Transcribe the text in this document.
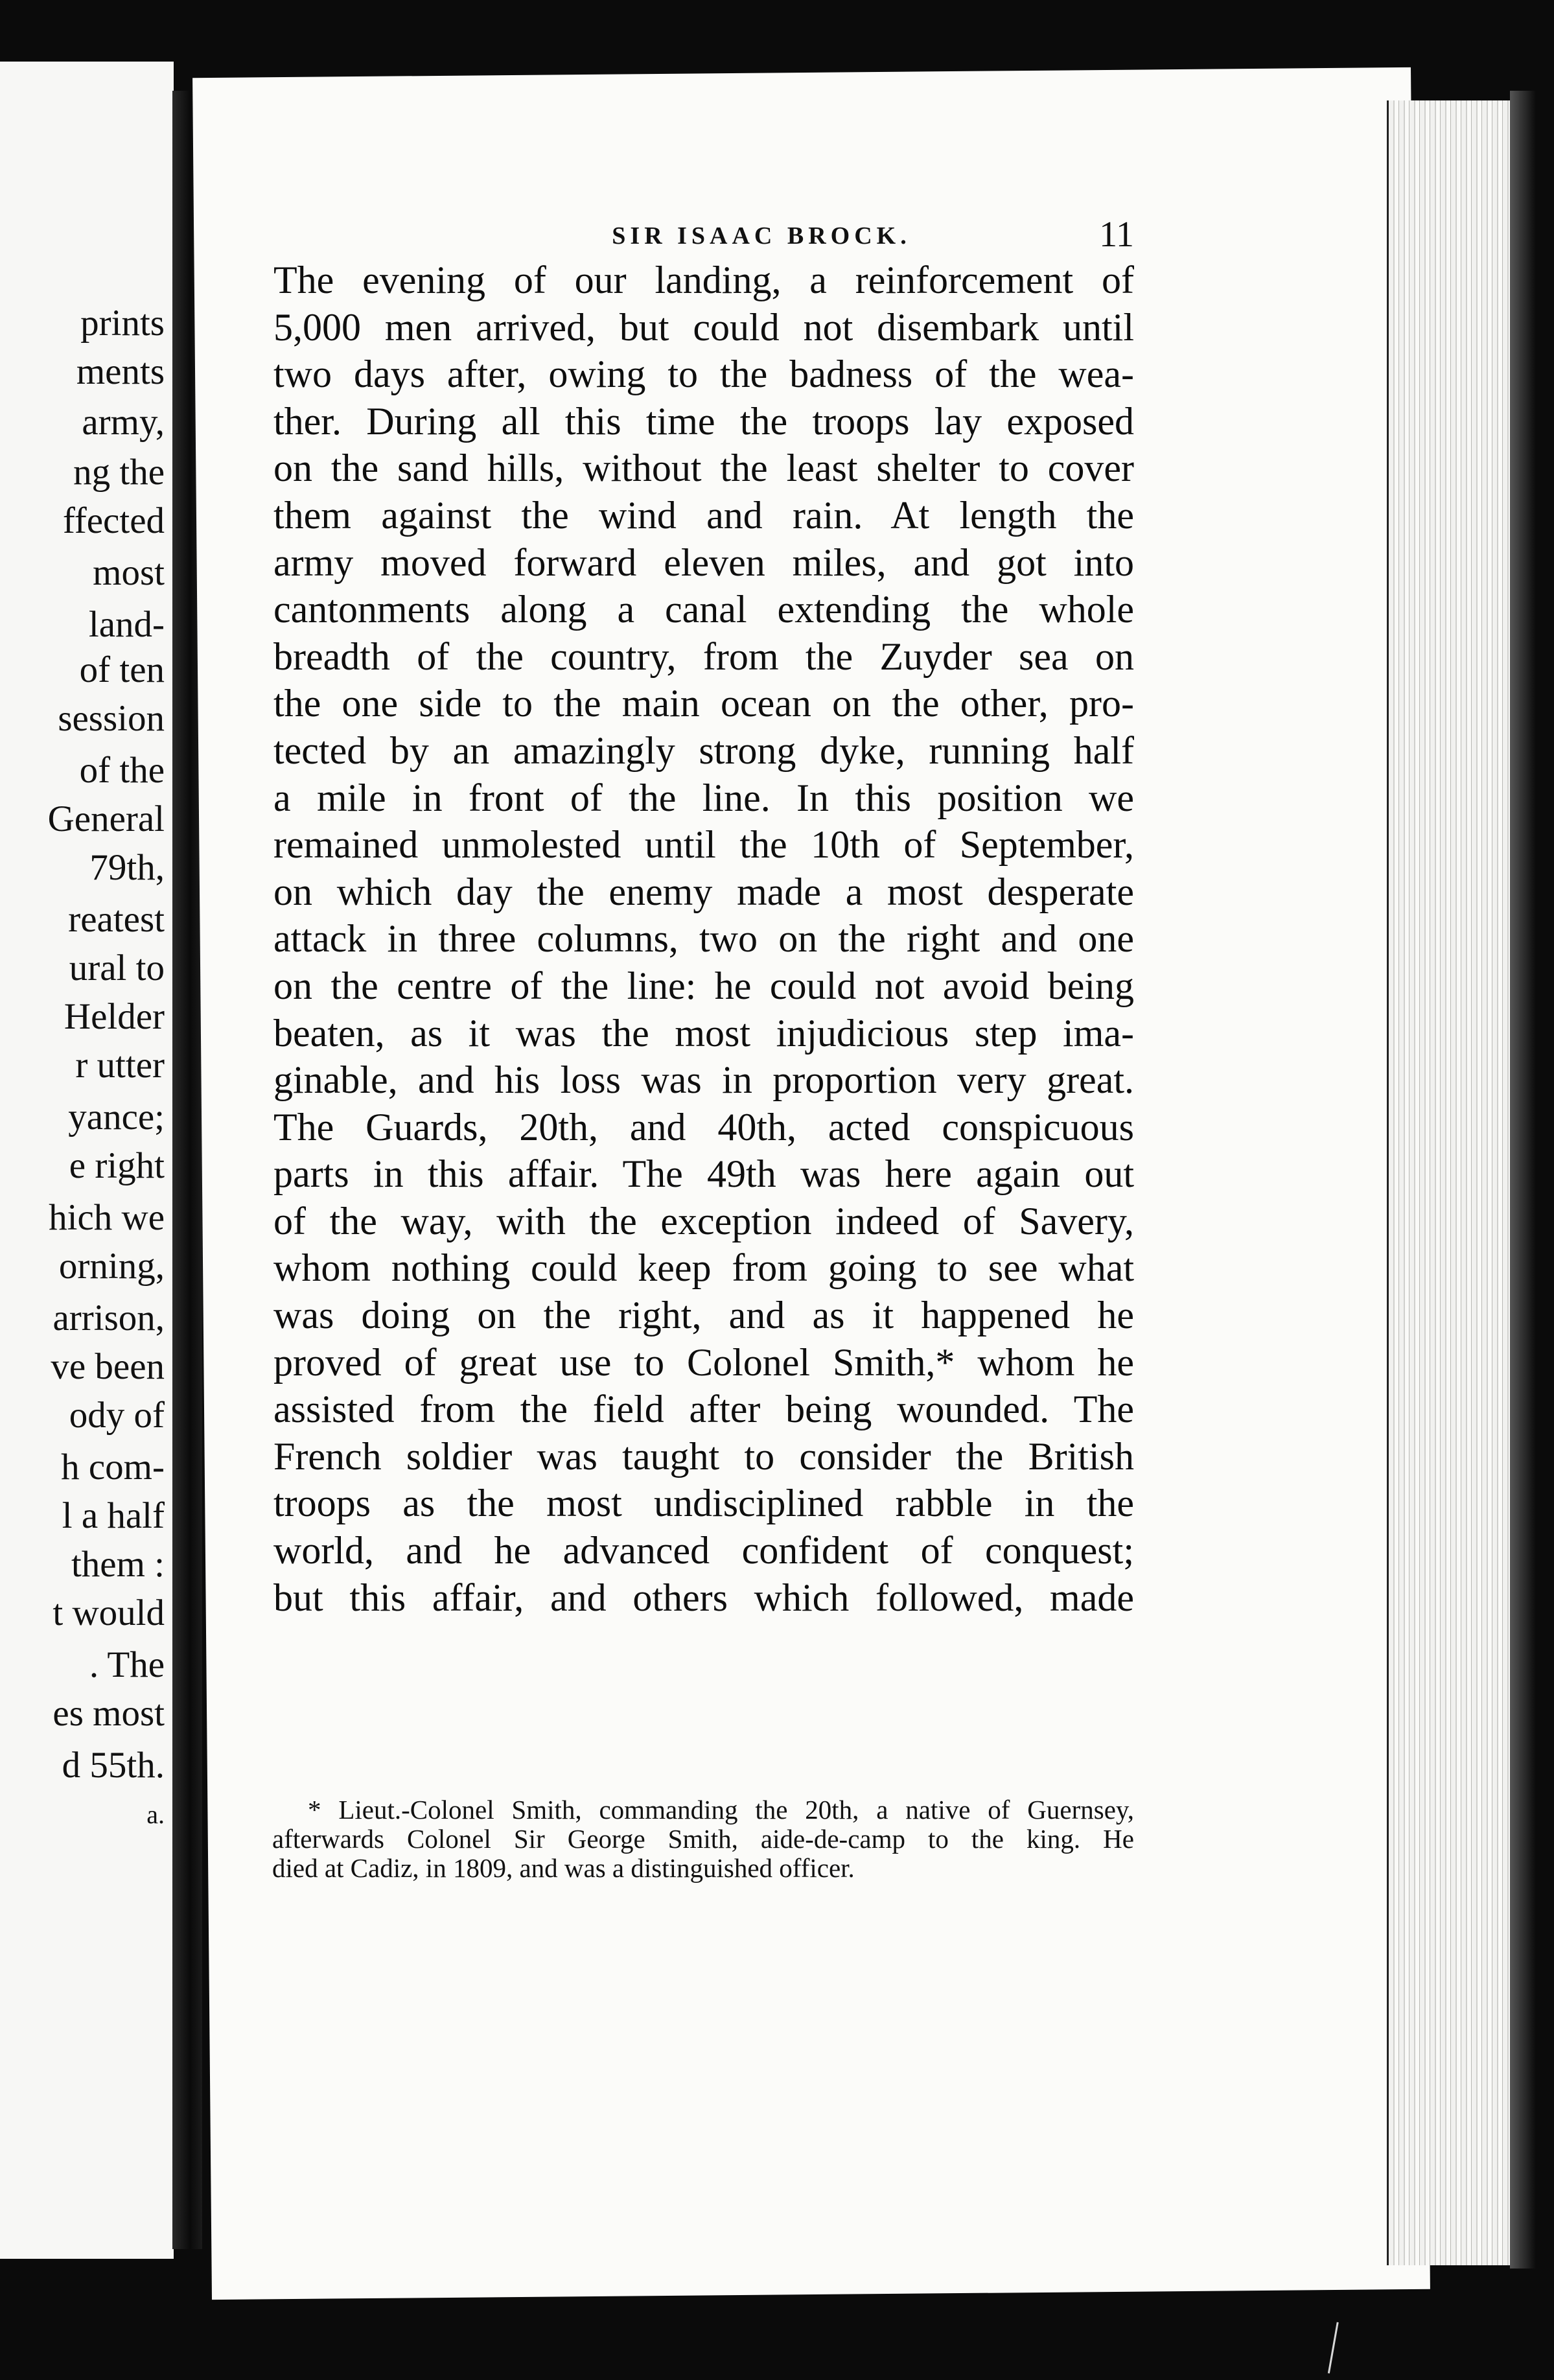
prints
ments
army,
ng the
ffected
most
land-
of ten
session
of the
General
79th,
reatest
ural to
Helder
r utter
yance;
e right
hich we
orning,
arrison,
ve been
ody of
h com-
l a half
them :
t would
. The
es most
d 55th.
a.
SIR ISAAC BROCK.	11
The evening of our landing, a reinforcement of
5,000 men arrived, but could not disembark until
two days after, owing to the badness of the wea-
ther. During all this time the troops lay exposed
on the sand hills, without the least shelter to cover
them against the wind and rain. At length the
army moved forward eleven miles, and got into
cantonments along a canal extending the whole
breadth of the country, from the Zuyder sea on
the one side to the main ocean on the other, pro-
tected by an amazingly strong dyke, running half
a mile in front of the line. In this position we
remained unmolested until the 10th of September,
on which day the enemy made a most desperate
attack in three columns, two on the right and one
on the centre of the line: he could not avoid being
beaten, as it was the most injudicious step ima-
ginable, and his loss was in proportion very great.
The Guards, 20th, and 40th, acted conspicuous
parts in this affair. The 49th was here again out
of the way, with the exception indeed of Savery,
whom nothing could keep from going to see what
was doing on the right, and as it happened he
proved of great use to Colonel Smith,* whom he
assisted from the field after being wounded. The
French soldier was taught to consider the British
troops as the most undisciplined rabble in the
world, and he advanced confident of conquest;
but this affair, and others which followed, made
* Lieut.-Colonel Smith, commanding the 20th, a native of Guernsey,
afterwards Colonel Sir George Smith, aide-de-camp to the king. He
died at Cadiz, in 1809, and was a distinguished officer.
